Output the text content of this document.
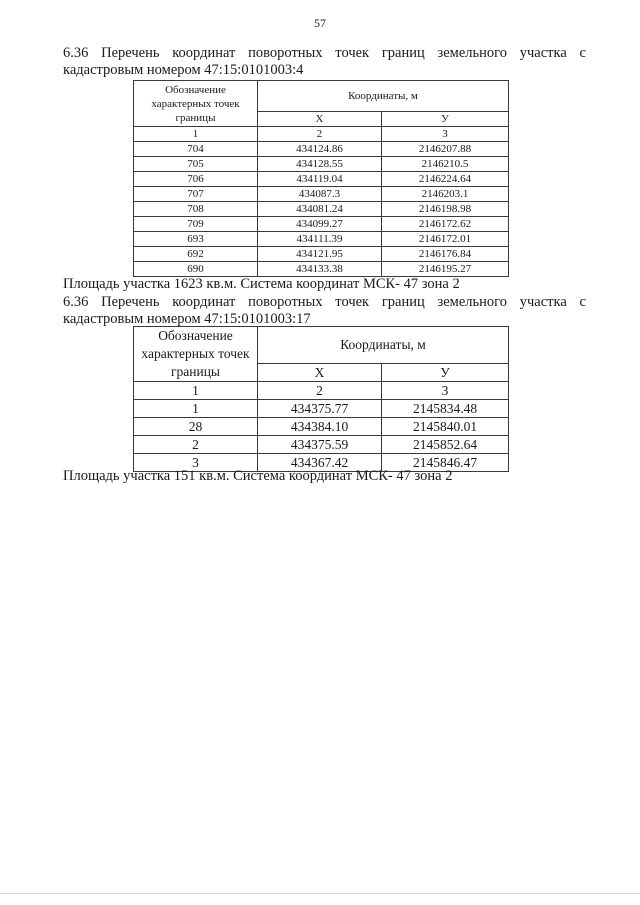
57
6.36 Перечень координат поворотных точек границ земельного участка с
кадастровым номером 47:15:0101003:4
Обозначение характерных точек границы	Координаты, м	
	Х	У
1	2	3
704	434124.86	2146207.88
705	434128.55	2146210.5
706	434119.04	2146224.64
707	434087.3	2146203.1
708	434081.24	2146198.98
709	434099.27	2146172.62
693	434111.39	2146172.01
692	434121.95	2146176.84
690	434133.38	2146195.27
Площадь участка 1623 кв.м. Система координат МСК- 47 зона 2
6.36 Перечень координат поворотных точек границ земельного участка с
кадастровым номером 47:15:0101003:17
Обозначение характерных точек границы	Координаты, м	
	Х	У
1	2	3
1	434375.77	2145834.48
28	434384.10	2145840.01
2	434375.59	2145852.64
3	434367.42	2145846.47
Площадь участка 151 кв.м. Система координат МСК- 47 зона 2
